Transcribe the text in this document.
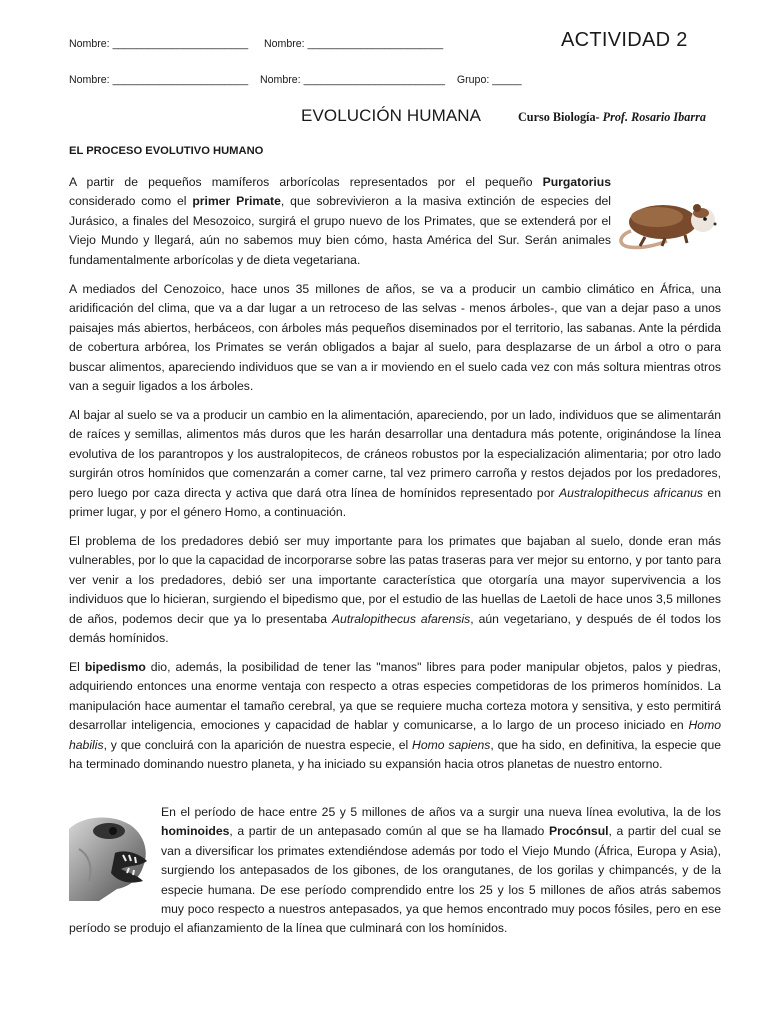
Nombre: _______________________ Nombre: _______________________
Nombre: _______________________ Nombre: ________________________ Grupo: _____
ACTIVIDAD 2
EVOLUCIÓN HUMANA	Curso Biología- Prof. Rosario Ibarra
EL PROCESO EVOLUTIVO HUMANO

A partir de pequeños mamíferos arborícolas representados por el pequeño Purgatorius considerado como el primer Primate, que sobrevivieron a la masiva extinción de especies del Jurásico, a finales del Mesozoico, surgirá el grupo nuevo de los Primates, que se extenderá por el Viejo Mundo y llegará, aún no sabemos muy bien cómo, hasta América del Sur. Serán animales fundamentalmente arborícolas y de dieta vegetariana.

A mediados del Cenozoico, hace unos 35 millones de años, se va a producir un cambio climático en África, una aridificación del clima, que va a dar lugar a un retroceso de las selvas - menos árboles-, que van a dejar paso a unos paisajes más abiertos, herbáceos, con árboles más pequeños diseminados por el territorio, las sabanas. Ante la pérdida de cobertura arbórea, los Primates se verán obligados a bajar al suelo, para desplazarse de un árbol a otro o para buscar alimentos, apareciendo individuos que se van a ir moviendo en el suelo cada vez con más soltura mientras otros van a seguir ligados a los árboles.

Al bajar al suelo se va a producir un cambio en la alimentación, apareciendo, por un lado, individuos que se alimentarán de raíces y semillas, alimentos más duros que les harán desarrollar una dentadura más potente, originándose la línea evolutiva de los parantropos y los australopitecos, de cráneos robustos por la especialización alimentaria; por otro lado surgirán otros homínidos que comenzarán a comer carne, tal vez primero carroña y restos dejados por los predadores, pero luego por caza directa y activa que dará otra línea de homínidos representado por Australopithecus africanus en primer lugar, y por el género Homo, a continuación.

El problema de los predadores debió ser muy importante para los primates que bajaban al suelo, donde eran más vulnerables, por lo que la capacidad de incorporarse sobre las patas traseras para ver mejor su entorno, y por tanto para ver venir a los predadores, debió ser una importante característica que otorgaría una mayor supervivencia a los individuos que lo hicieran, surgiendo el bipedismo que, por el estudio de las huellas de Laetoli de hace unos 3,5 millones de años, podemos decir que ya lo presentaba Autralopithecus afarensis, aún vegetariano, y después de él todos los demás homínidos.

El bipedismo dio, además, la posibilidad de tener las "manos" libres para poder manipular objetos, palos y piedras, adquiriendo entonces una enorme ventaja con respecto a otras especies competidoras de los primeros homínidos. La manipulación hace aumentar el tamaño cerebral, ya que se requiere mucha corteza motora y sensitiva, y esto permitirá desarrollar inteligencia, emociones y capacidad de hablar y comunicarse, a lo largo de un proceso iniciado en Homo habilis, y que concluirá con la aparición de nuestra especie, el Homo sapiens, que ha sido, en definitiva, la especie que ha terminado dominando nuestro planeta, y ha iniciado su expansión hacia otros planetas de nuestro entorno.

En el período de hace entre 25 y 5 millones de años va a surgir una nueva línea evolutiva, la de los hominoides, a partir de un antepasado común al que se ha llamado Procónsul, a partir del cual se van a diversificar los primates extendiéndose además por todo el Viejo Mundo (África, Europa y Asia), surgiendo los antepasados de los gibones, de los orangutanes, de los gorilas y chimpancés, y de la especie humana. De ese período comprendido entre los 25 y los 5 millones de años atrás sabemos muy poco respecto a nuestros antepasados, ya que hemos encontrado muy pocos fósiles, pero en ese período se produjo el afianzamiento de la línea que culminará con los homínidos.
